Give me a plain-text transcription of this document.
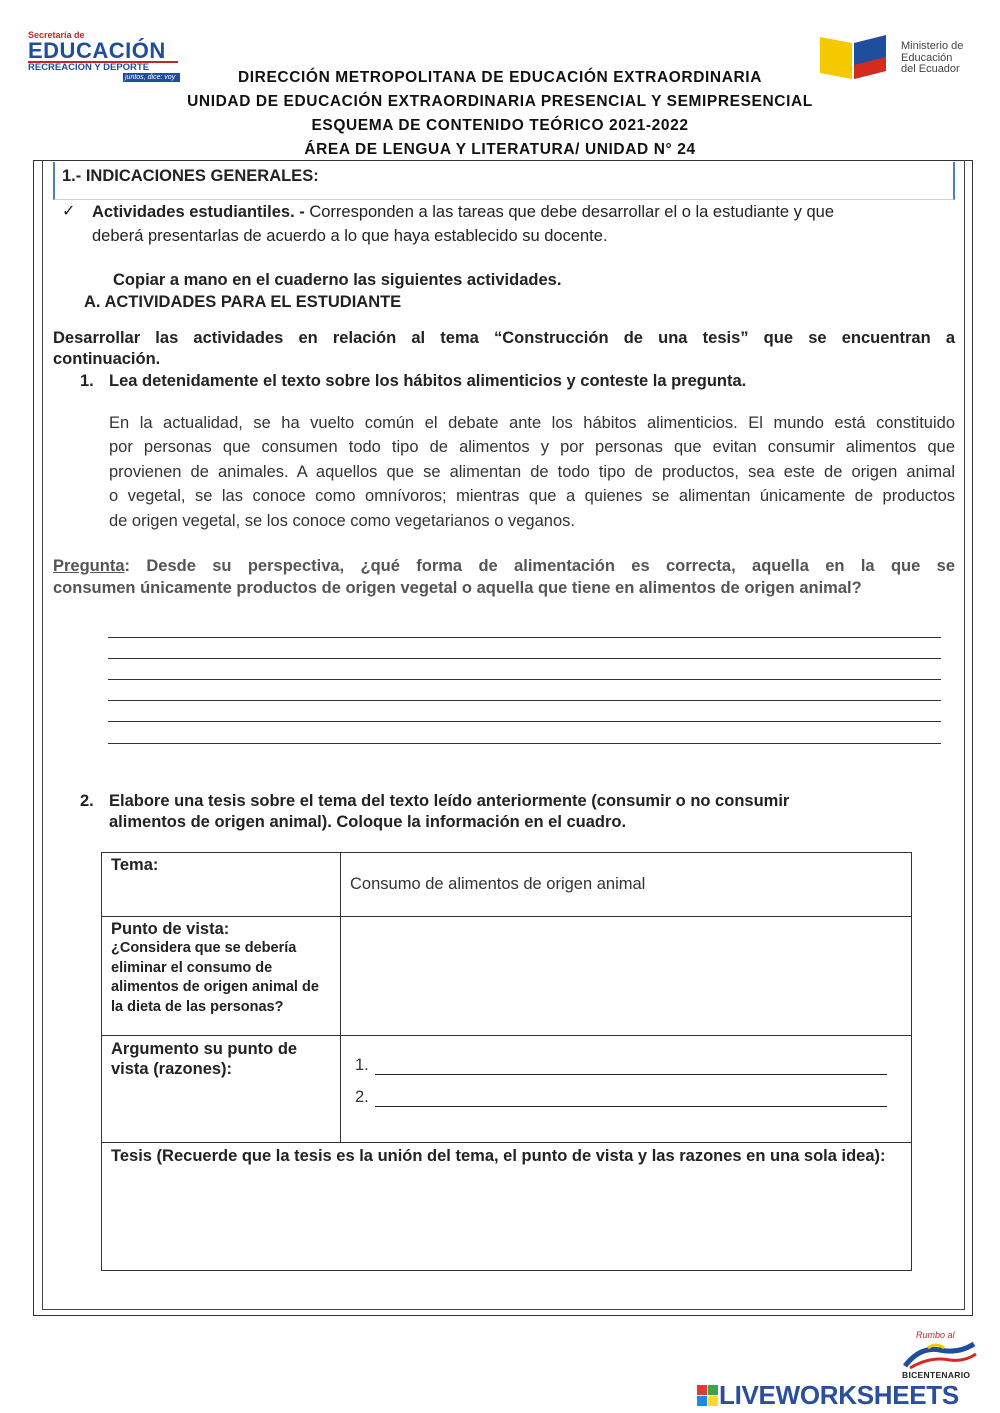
Secretaría de
EDUCACIÓN
RECREACIÓN Y DEPORTE
juntos, dice: voy
Ministerio de
Educación
del Ecuador
DIRECCIÓN METROPOLITANA DE EDUCACIÓN EXTRAORDINARIA
UNIDAD DE EDUCACIÓN EXTRAORDINARIA PRESENCIAL Y SEMIPRESENCIAL
ESQUEMA DE CONTENIDO TEÓRICO 2021-2022
ÁREA DE LENGUA Y LITERATURA/ UNIDAD N° 24
1.- INDICACIONES GENERALES:
✓ Actividades estudiantiles. - Corresponden a las tareas que debe desarrollar el o la estudiante y que
deberá presentarlas de acuerdo a lo que haya establecido su docente.
Copiar a mano en el cuaderno las siguientes actividades.
A. ACTIVIDADES PARA EL ESTUDIANTE
Desarrollar las actividades en relación al tema “Construcción de una tesis” que se encuentran a
continuación.
1. Lea detenidamente el texto sobre los hábitos alimenticios y conteste la pregunta.
En la actualidad, se ha vuelto común el debate ante los hábitos alimenticios. El mundo está constituido
por personas que consumen todo tipo de alimentos y por personas que evitan consumir alimentos que
provienen de animales. A aquellos que se alimentan de todo tipo de productos, sea este de origen animal
o vegetal, se las conoce como omnívoros; mientras que a quienes se alimentan únicamente de productos
de origen vegetal, se los conoce como vegetarianos o veganos.
Pregunta: Desde su perspectiva, ¿qué forma de alimentación es correcta, aquella en la que se
consumen únicamente productos de origen vegetal o aquella que tiene en alimentos de origen animal?
2. Elabore una tesis sobre el tema del texto leído anteriormente (consumir o no consumir
alimentos de origen animal). Coloque la información en el cuadro.
Tema:	Consumo de alimentos de origen animal

Punto de vista:
¿Considera que se debería eliminar el consumo de alimentos de origen animal de la dieta de las personas?	

Argumento su punto de vista (razones):	1.
2.

Tesis (Recuerde que la tesis es la unión del tema, el punto de vista y las razones en una sola idea):	
Rumbo al
BICENTENARIO
LIVEWORKSHEETS
